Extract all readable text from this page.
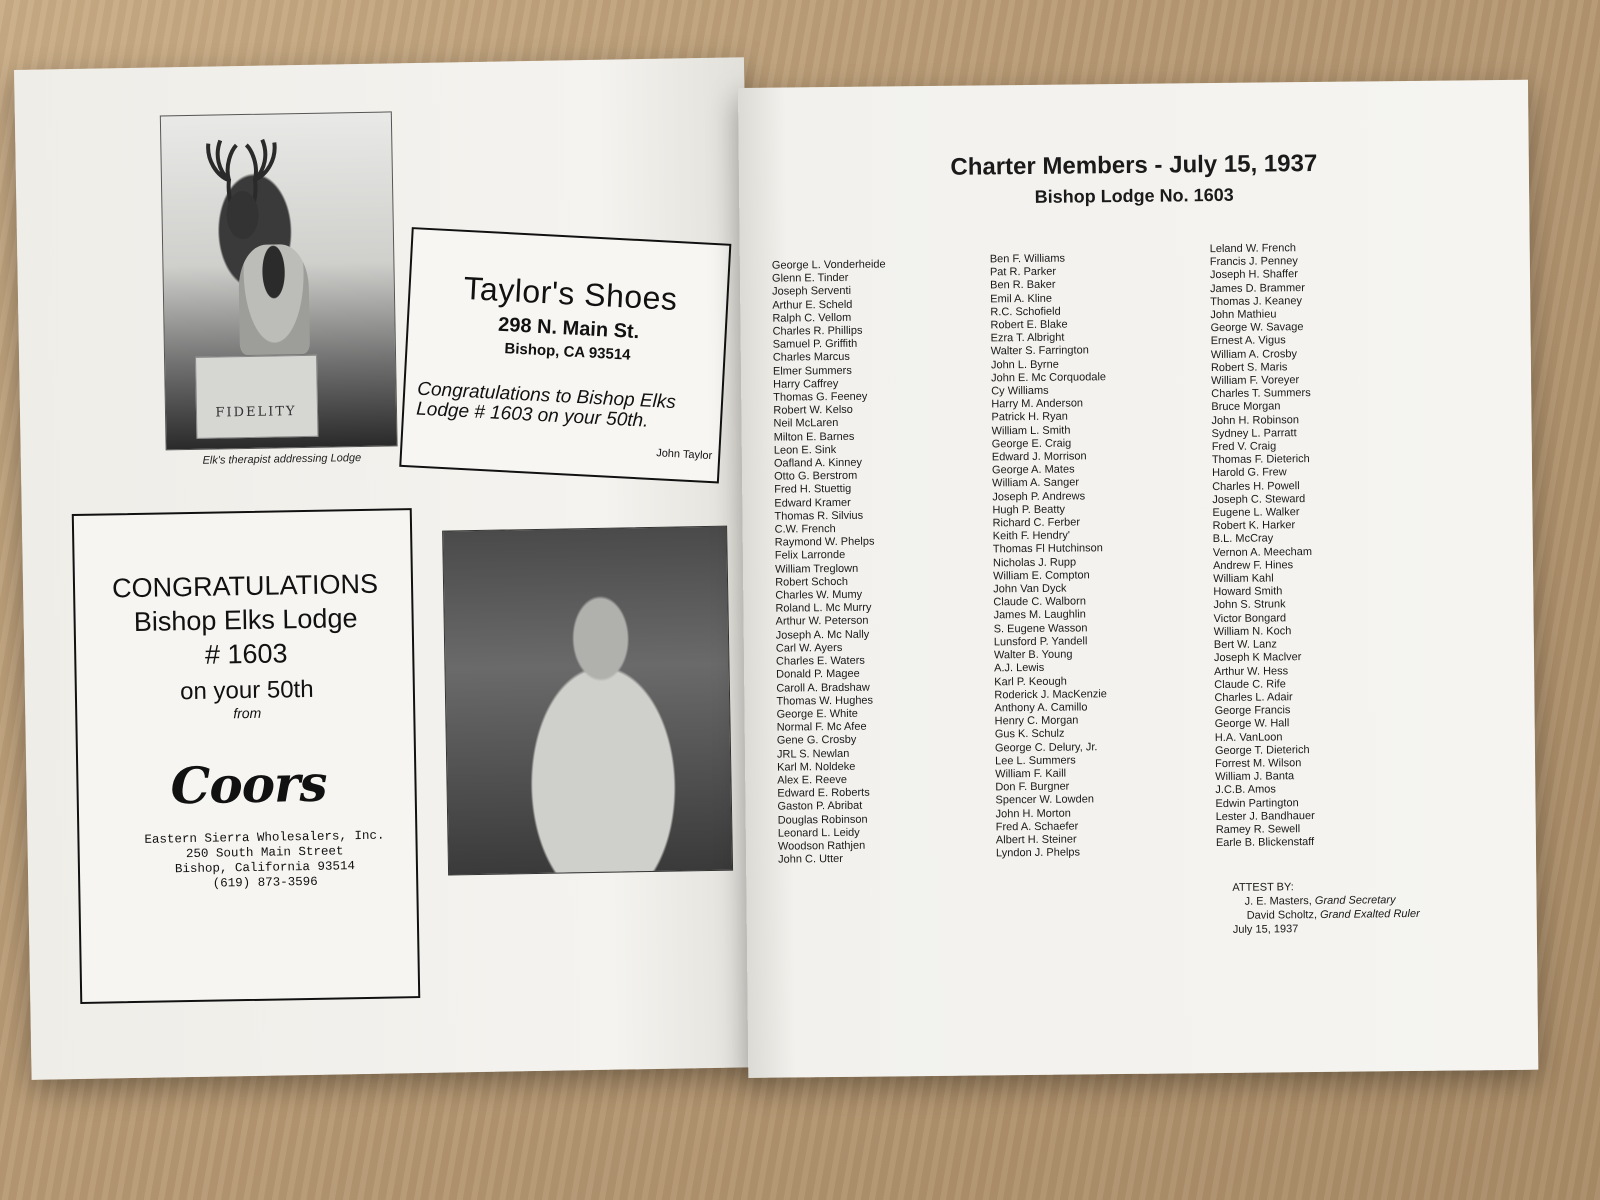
FIDELITY
Elk's therapist addressing Lodge
Taylor's Shoes
298 N. Main St.
Bishop, CA 93514
Congratulations to Bishop Elks Lodge # 1603 on your 50th.
John Taylor
CONGRATULATIONS
Bishop Elks Lodge
# 1603
on your 50th
from
Coors
Eastern Sierra Wholesalers, Inc.
250 South Main Street
Bishop, California 93514
(619) 873-3596
Charter Members - July 15, 1937
Bishop Lodge No. 1603
George L. Vonderheide
Glenn E. Tinder
Joseph Serventi
Arthur E. Scheld
Ralph C. Vellom
Charles R. Phillips
Samuel P. Griffith
Charles Marcus
Elmer Summers
Harry Caffrey
Thomas G. Feeney
Robert W. Kelso
Neil McLaren
Milton E. Barnes
Leon E. Sink
Oafland A. Kinney
Otto G. Berstrom
Fred H. Stuettig
Edward Kramer
Thomas R. Silvius
C.W. French
Raymond W. Phelps
Felix Larronde
William Treglown
Robert Schoch
Charles W. Mumy
Roland L. Mc Murry
Arthur W. Peterson
Joseph A. Mc Nally
Carl W. Ayers
Charles E. Waters
Donald P. Magee
Caroll A. Bradshaw
Thomas W. Hughes
George E. White
Normal F. Mc Afee
Gene G. Crosby
JRL S. Newlan
Karl M. Noldeke
Alex E. Reeve
Edward E. Roberts
Gaston P. Abribat
Douglas Robinson
Leonard L. Leidy
Woodson Rathjen
John C. Utter
Ben F. Williams
Pat R. Parker
Ben R. Baker
Emil A. Kline
R.C. Schofield
Robert E. Blake
Ezra T. Albright
Walter S. Farrington
John L. Byrne
John E. Mc Corquodale
Cy Williams
Harry M. Anderson
Patrick H. Ryan
William L. Smith
George E. Craig
Edward J. Morrison
George A. Mates
William A. Sanger
Joseph P. Andrews
Hugh P. Beatty
Richard C. Ferber
Keith F. Hendry'
Thomas Fl Hutchinson
Nicholas J. Rupp
William E. Compton
John Van Dyck
Claude C. Walborn
James M. Laughlin
S. Eugene Wasson
Lunsford P. Yandell
Walter B. Young
A.J. Lewis
Karl P. Keough
Roderick J. MacKenzie
Anthony A. Camillo
Henry C. Morgan
Gus K. Schulz
George C. Delury, Jr.
Lee L. Summers
William F. Kaill
Don F. Burgner
Spencer W. Lowden
John H. Morton
Fred A. Schaefer
Albert H. Steiner
Lyndon J. Phelps
Leland W. French
Francis J. Penney
Joseph H. Shaffer
James D. Brammer
Thomas J. Keaney
John Mathieu
George W. Savage
Ernest A. Vigus
William A. Crosby
Robert S. Maris
William F. Voreyer
Charles T. Summers
Bruce Morgan
John H. Robinson
Sydney L. Parratt
Fred V. Craig
Thomas F. Dieterich
Harold G. Frew
Charles H. Powell
Joseph C. Steward
Eugene L. Walker
Robert K. Harker
B.L. McCray
Vernon A. Meecham
Andrew F. Hines
William Kahl
Howard Smith
John S. Strunk
Victor Bongard
William N. Koch
Bert W. Lanz
Joseph K Maclver
Arthur W. Hess
Claude C. Rife
Charles L. Adair
George Francis
George W. Hall
H.A. VanLoon
George T. Dieterich
Forrest M. Wilson
William J. Banta
J.C.B. Amos
Edwin Partington
Lester J. Bandhauer
Ramey R. Sewell
Earle B. Blickenstaff
ATTEST BY:
J. E. Masters, Grand Secretary
David Scholtz, Grand Exalted Ruler
July 15, 1937
